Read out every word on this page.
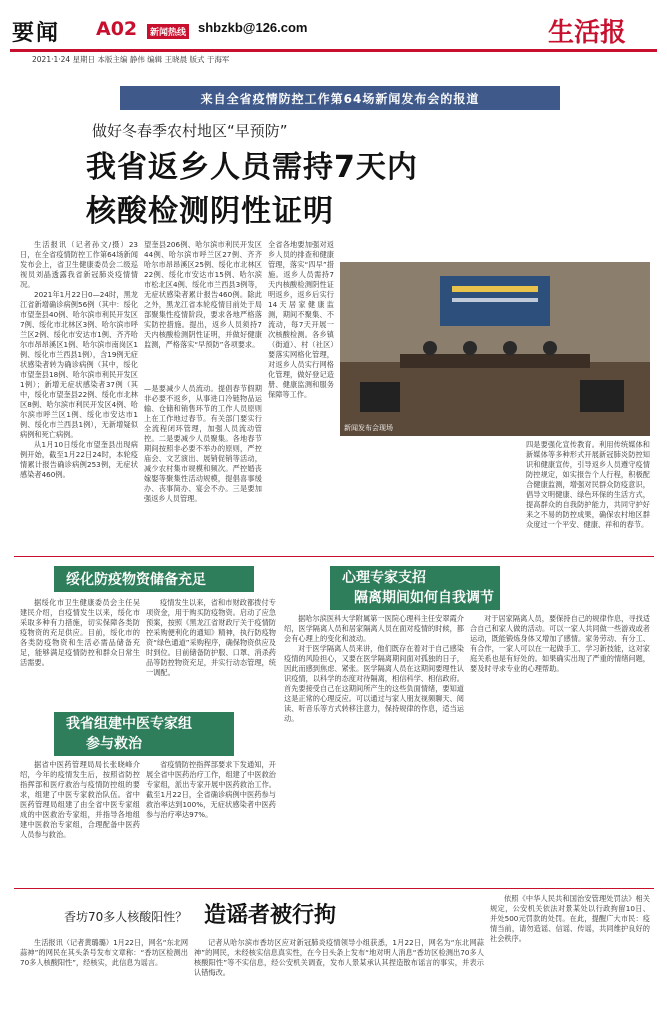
要闻 A02	新闻热线 shbzkb@126.com	生活报
2021·1·24 星期日 本版主编 静伟 编辑 王晓晨 版式 于海军
来自全省疫情防控工作第64场新闻发布会的报道
做好冬春季农村地区“早预防”
我省返乡人员需持7天内
核酸检测阴性证明

生活报讯（记者孙文/摄）23日，在全省疫情防控工作第64场新闻发布会上，省卫生健康委员会二级巡视员刘晶透露我省新冠肺炎疫情情况。

2021年1月22日0—24时，黑龙江省新增确诊病例56例（其中：绥化市望奎县40例、哈尔滨市利民开发区7例、绥化市北林区3例、哈尔滨市呼兰区2例、绥化市安达市1例、齐齐哈尔市昂昂溪区1例、哈尔滨市南岗区1例、绥化市兰西县1例），含19例无症状感染者转为确诊病例（其中，绥化市望奎县18例、哈尔滨市利民开发区1例）；新增无症状感染者37例（其中，绥化市望奎县22例、绥化市北林区8例、哈尔滨市利民开发区4例、哈尔滨市呼兰区1例、绥化市安达市1例、绥化市兰西县1例），无新增疑似病例和死亡病例。

从1月10日绥化市望奎县出现病例开始，截至1月22日24时，本轮疫情累计报告确诊病例253例，无症状感染者460例。

望奎县206例、哈尔滨市利民开发区44例、哈尔滨市呼兰区27例、齐齐哈尔市昂昂溪区25例、绥化市北林区22例、绥化市安达市15例、哈尔滨市松北区4例、绥化市兰西县3例等，无症状感染者累计报告460例。除此之外，黑龙江省本轮疫情目前处于局部聚集性疫情阶段，要求各地严格落实防控措施。提出，返乡人员须持7天内核酸检测阴性证明，并做好健康监测，严格落实“早预防”各项要求。
—是要减少人员流动。提倡春节假期非必要不返乡，从事进口冷链物品运输、仓储和销售环节的工作人员原则上在工作地过春节。有关部门要实行全流程闭环管理，加强人员流动管控。二是要减少人员聚集。各地春节期间按照非必要不举办的原则，严控庙会、文艺演出、展销促销等活动，减少农村集市规模和频次。严控婚丧嫁娶等聚集性活动规模，提倡喜事缓办、丧事简办、宴会不办。三是要加强返乡人员管理。
全省各地要加强对返乡人员的排查和健康管理，落实“四早”措施。返乡人员需持7天内核酸检测阴性证明返乡，返乡后实行14天居家健康监测，期间不聚集、不流动，每7天开展一次核酸检测。各乡镇（街道）、村（社区）要落实网格化管理，对返乡人员实行网格化管理，做好登记造册、健康监测和服务保障等工作。
新闻发布会现场
四是要强化宣传教育。利用传统媒体和新媒体等多种形式开展新冠肺炎防控知识和健康宣传，引导返乡人员遵守疫情防控规定，如实报告个人行程，积极配合健康监测，增强对民群众防疫意识，倡导文明健康、绿色环保的生活方式，提高群众的自我防护能力，共同守护好来之不易的防控成果，确保农村地区群众度过一个平安、健康、祥和的春节。
绥化防疫物资储备充足
据绥化市卫生健康委员会主任吴建民介绍，自疫情发生以来，绥化市采取多种有力措施，切实保障各类防疫物资的充足供应。目前，绥化市的各类防疫物资和生活必需品储备充足，能够满足疫情防控和群众日常生活需要。
疫情发生以来，省和市财政都拨付专项资金，用于购买防疫物资。启动了应急预案，按照《黑龙江省财政厅关于疫情防控采购便利化的通知》精神，执行防疫物资“绿色通道”采购程序，确保物资供应及时到位。目前储备防护服、口罩、消杀药品等防控物资充足，并实行动态管理，统一调配。
我省组建中医专家组
参与救治
据省中医药管理局局长张晓峰介绍，今年的疫情发生后，按照省防控指挥部和医疗救治与疫情防控组的要求，组建了中医专家救治队伍。省中医药管理局组建了由全省中医专家组成的中医救治专家组，并指导各地组建中医救治专家组，合理配备中医药人员参与救治。
省疫情防控指挥部要求下发通知，开展全省中医药治疗工作，组建了中医救治专家组，派出专家开展中医药救治工作。截至1月22日，全省确诊病例中医药参与救治率达到100%，无症状感染者中医药参与治疗率达97%。
心理专家支招
隔离期间如何自我调节

据哈尔滨医科大学附属第一医院心理科主任安翠霞介绍，医学隔离人员和居家隔离人员在面对疫情的时候，都会有心理上的变化和波动。

对于医学隔离人员来讲，他们既存在着对于自己感染疫情的风险担心，又要在医学隔离期间面对孤独的日子，因此而感到焦虑、紧张。医学隔离人员在这期间要理性认识疫情，以科学的态度对待隔离，相信科学、相信政府。首先要接受自己在这期间所产生的这些负面情绪，要知道这是正常的心理反应。可以通过与家人朋友视频聊天、阅读、听音乐等方式转移注意力，保持规律的作息，适当运动。

对于居家隔离人员，要保持自己的规律作息，寻找适合自己和家人做的活动。可以一家人共同做一些游戏或者运动，既能锻炼身体又增加了感情。家务劳动、有分工、有合作，一家人可以在一起做手工、学习新技能，这对家庭关系也是有好处的。如果确实出现了严重的情绪问题，要及时寻求专业的心理帮助。
香坊70多人核酸阳性？ 造谣者被行拘
生活报讯（记者黄璐璐）1月22日，网名“东北网蒜神”的网民在其头条号发布文章称：“香坊区检测出70多人核酸阳性”，经核实，此信息为谣言。
记者从哈尔滨市香坊区应对新冠肺炎疫情领导小组获悉，1月22日，网名为“东北网蒜神”的网民，未经核实信息真实性，在今日头条上发布“地对明人消息“香坊区检测出70多人核酸阳性”等不实信息，经公安机关调查，发布人景某承认其捏造散布谣言的事实，并表示认错悔改。
依照《中华人民共和国治安管理处罚法》相关规定，公安机关依法对景某处以行政拘留10日、并处500元罚款的处罚。在此，提醒广大市民：疫情当前，请勿造谣、信谣、传谣，共同维护良好的社会秩序。
